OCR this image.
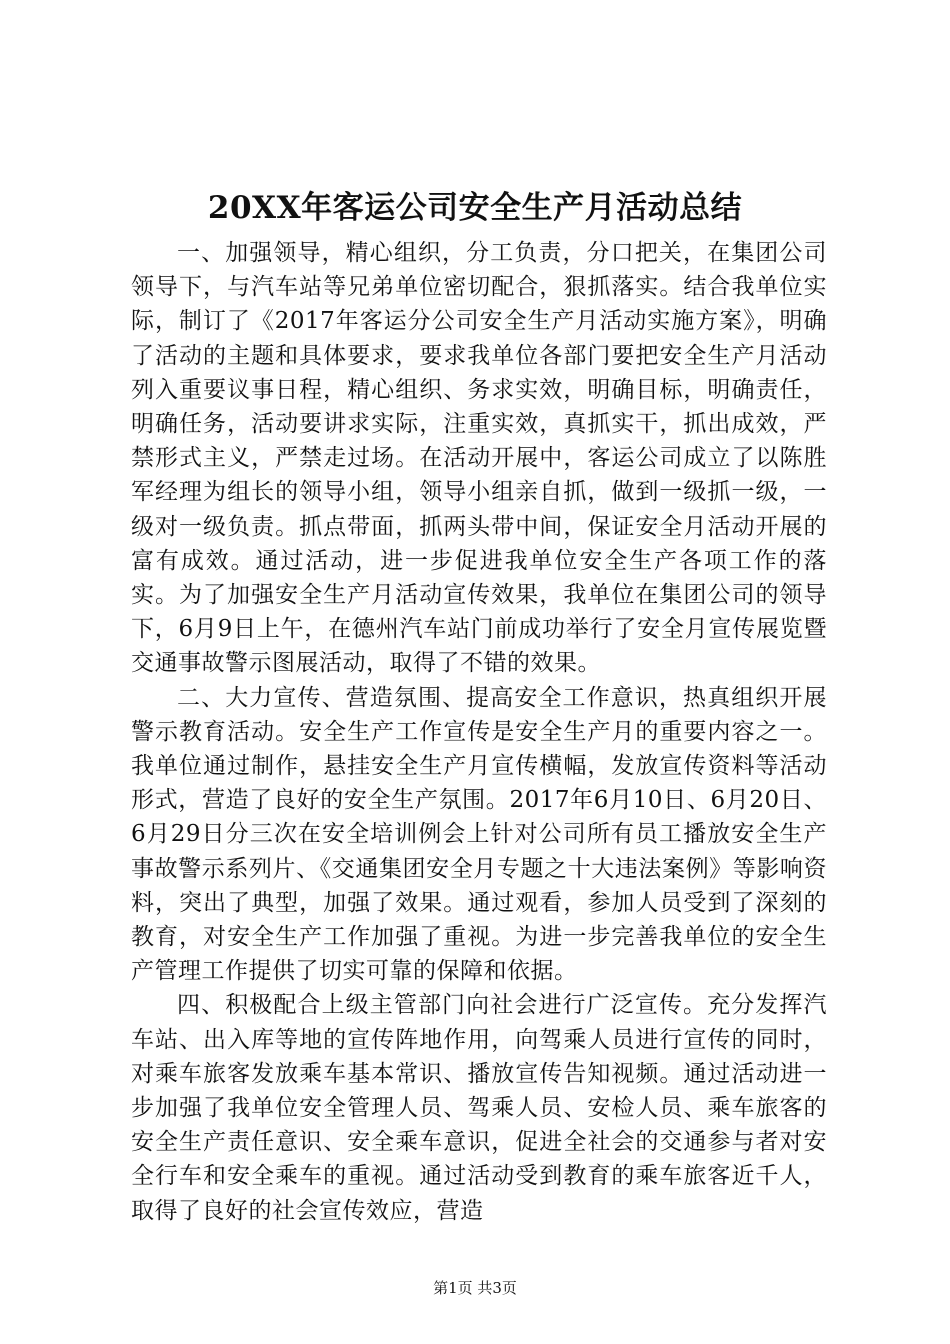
20XX年客运公司安全生产月活动总结

一、加强领导，精心组织，分工负责，分口把关，在集团公司领导下，与汽车站等兄弟单位密切配合，狠抓落实。结合我单位实际，制订了《2017年客运分公司安全生产月活动实施方案》，明确了活动的主题和具体要求，要求我单位各部门要把安全生产月活动列入重要议事日程，精心组织、务求实效，明确目标，明确责任，明确任务，活动要讲求实际，注重实效，真抓实干，抓出成效，严禁形式主义，严禁走过场。在活动开展中，客运公司成立了以陈胜军经理为组长的领导小组，领导小组亲自抓，做到一级抓一级，一级对一级负责。抓点带面，抓两头带中间，保证安全月活动开展的富有成效。通过活动，进一步促进我单位安全生产各项工作的落实。为了加强安全生产月活动宣传效果，我单位在集团公司的领导下，6月9日上午，在德州汽车站门前成功举行了安全月宣传展览暨交通事故警示图展活动，取得了不错的效果。

二、大力宣传、营造氛围、提高安全工作意识，热真组织开展警示教育活动。安全生产工作宣传是安全生产月的重要内容之一。我单位通过制作，悬挂安全生产月宣传横幅，发放宣传资料等活动形式，营造了良好的安全生产氛围。2017年6月10日、6月20日、6月29日分三次在安全培训例会上针对公司所有员工播放安全生产事故警示系列片、《交通集团安全月专题之十大违法案例》等影响资料，突出了典型，加强了效果。通过观看，参加人员受到了深刻的教育，对安全生产工作加强了重视。为进一步完善我单位的安全生产管理工作提供了切实可靠的保障和依据。

四、积极配合上级主管部门向社会进行广泛宣传。充分发挥汽车站、出入库等地的宣传阵地作用，向驾乘人员进行宣传的同时，对乘车旅客发放乘车基本常识、播放宣传告知视频。通过活动进一步加强了我单位安全管理人员、驾乘人员、安检人员、乘车旅客的安全生产责任意识、安全乘车意识，促进全社会的交通参与者对安全行车和安全乘车的重视。通过活动受到教育的乘车旅客近千人，取得了良好的社会宣传效应，营造

第1页 共3页
